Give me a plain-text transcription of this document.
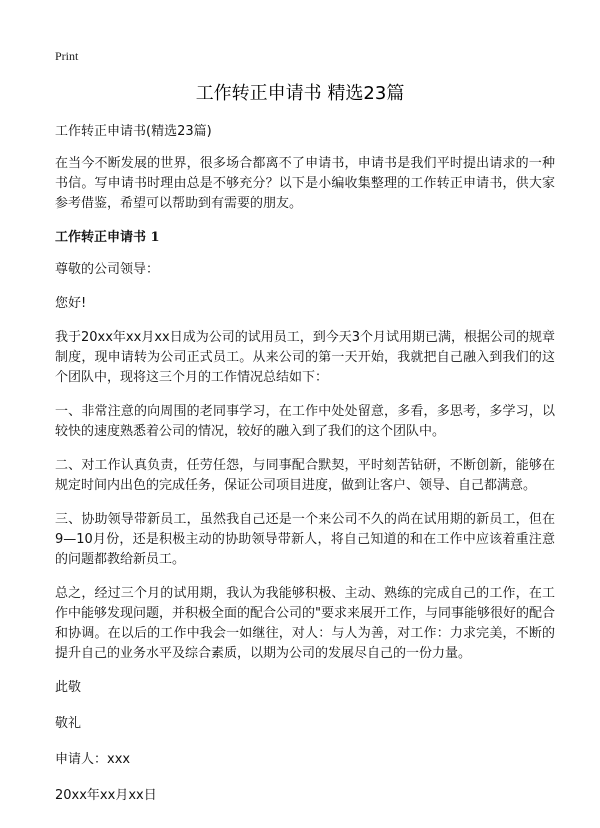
Print
工作转正申请书 精选23篇

工作转正申请书(精选23篇)

在当今不断发展的世界，很多场合都离不了申请书，申请书是我们平时提出请求的一种书信。写申请书时理由总是不够充分？以下是小编收集整理的工作转正申请书，供大家参考借鉴，希望可以帮助到有需要的朋友。

工作转正申请书 1

尊敬的公司领导：

您好!

我于20xx年xx月xx日成为公司的试用员工，到今天3个月试用期已满，根据公司的规章制度，现申请转为公司正式员工。从来公司的第一天开始，我就把自己融入到我们的这个团队中，现将这三个月的工作情况总结如下：

一、非常注意的向周围的老同事学习，在工作中处处留意，多看，多思考，多学习，以较快的速度熟悉着公司的情况，较好的融入到了我们的这个团队中。

二、对工作认真负责，任劳任怨，与同事配合默契，平时刻苦钻研，不断创新，能够在规定时间内出色的完成任务，保证公司项目进度，做到让客户、领导、自己都满意。

三、协助领导带新员工，虽然我自己还是一个来公司不久的尚在试用期的新员工，但在9—10月份，还是积极主动的协助领导带新人，将自己知道的和在工作中应该着重注意的问题都教给新员工。

总之，经过三个月的试用期，我认为我能够积极、主动、熟练的完成自己的工作，在工作中能够发现问题，并积极全面的配合公司的"要求来展开工作，与同事能够很好的配合和协调。在以后的工作中我会一如继往，对人：与人为善，对工作：力求完美，不断的提升自己的业务水平及综合素质，以期为公司的发展尽自己的一份力量。

此敬

敬礼

申请人：xxx

20xx年xx月xx日
